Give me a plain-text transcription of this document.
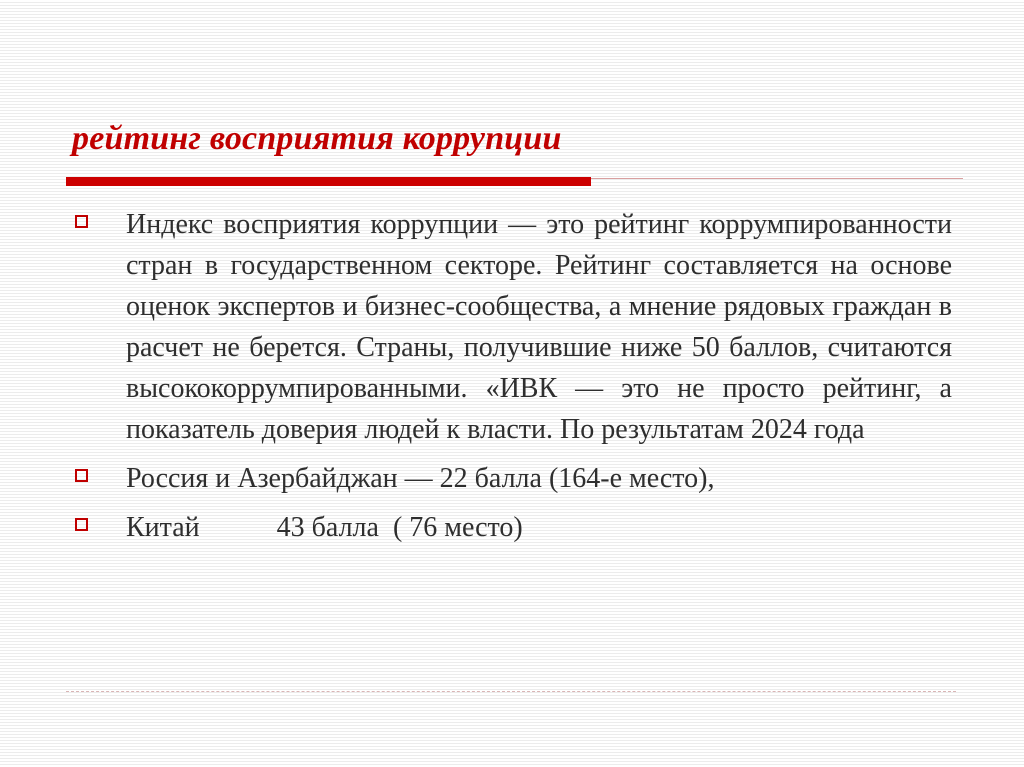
рейтинг восприятия коррупции
Индекс восприятия коррупции — это рейтинг коррумпированности стран в государственном секторе. Рейтинг составляется на основе оценок экспертов и бизнес-сообщества, а мнение рядовых граждан в расчет не берется. Страны, получившие ниже 50 баллов, считаются высококоррумпированными. «ИВК — это не просто рейтинг, а показатель доверия людей к власти. По результатам 2024 года
Россия и Азербайджан — 22 балла (164-е место),
Китай           43 балла  ( 76 место)
